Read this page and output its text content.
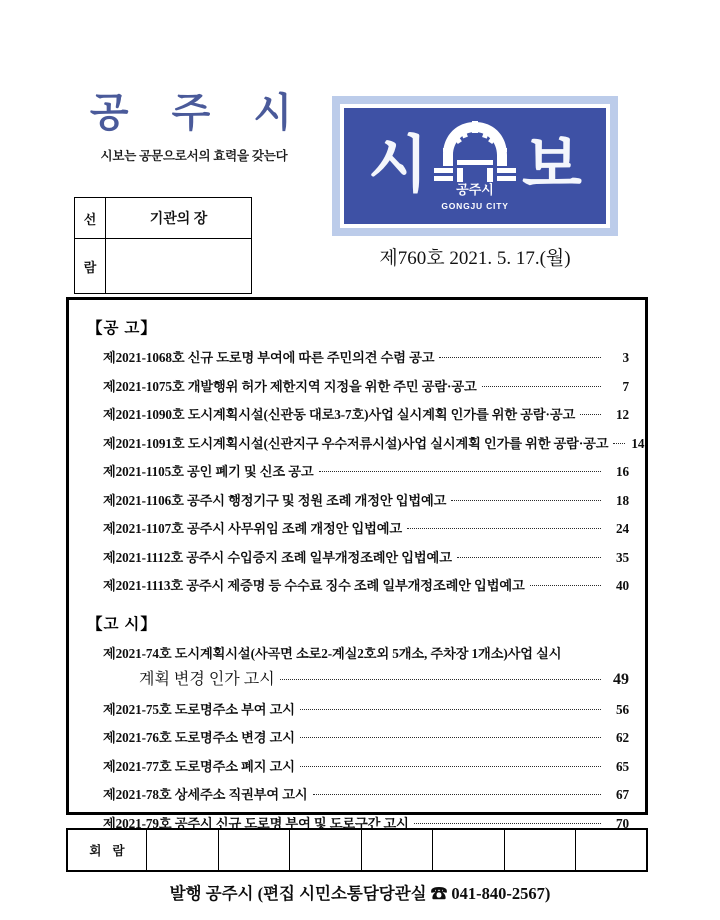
공 주 시
시보는 공문으로서의 효력을 갖는다
선	기관의 장
람	
시	공주시
GONGJU CITY
보
제760호 2021. 5. 17.(월)
【공 고】
제2021-1068호 신규 도로명 부여에 따른 주민의견 수렴 공고	3
제2021-1075호 개발행위 허가 제한지역 지정을 위한 주민 공람·공고	7
제2021-1090호 도시계획시설(신관동 대로3-7호)사업 실시계획 인가를 위한 공람·공고	12
제2021-1091호 도시계획시설(신관지구 우수저류시설)사업 실시계획 인가를 위한 공람·공고	14
제2021-1105호 공인 폐기 및 신조 공고	16
제2021-1106호 공주시 행정기구 및 정원 조례 개정안 입법예고	18
제2021-1107호 공주시 사무위임 조례 개정안 입법예고	24
제2021-1112호 공주시 수입증지 조례 일부개정조례안 입법예고	35
제2021-1113호 공주시 제증명 등 수수료 징수 조례 일부개정조례안 입법예고	40
【고 시】
제2021-74호 도시계획시설(사곡면 소로2-계실2호외 5개소, 주차장 1개소)사업 실시
계획 변경 인가 고시	49
제2021-75호 도로명주소 부여 고시	56
제2021-76호 도로명주소 변경 고시	62
제2021-77호 도로명주소 폐지 고시	65
제2021-78호 상세주소 직권부여 고시	67
제2021-79호 공주시 신규 도로명 부여 및 도로구간 고시	70
회 람							
발행 공주시 (편집 시민소통담당관실 ☎ 041-840-2567)
